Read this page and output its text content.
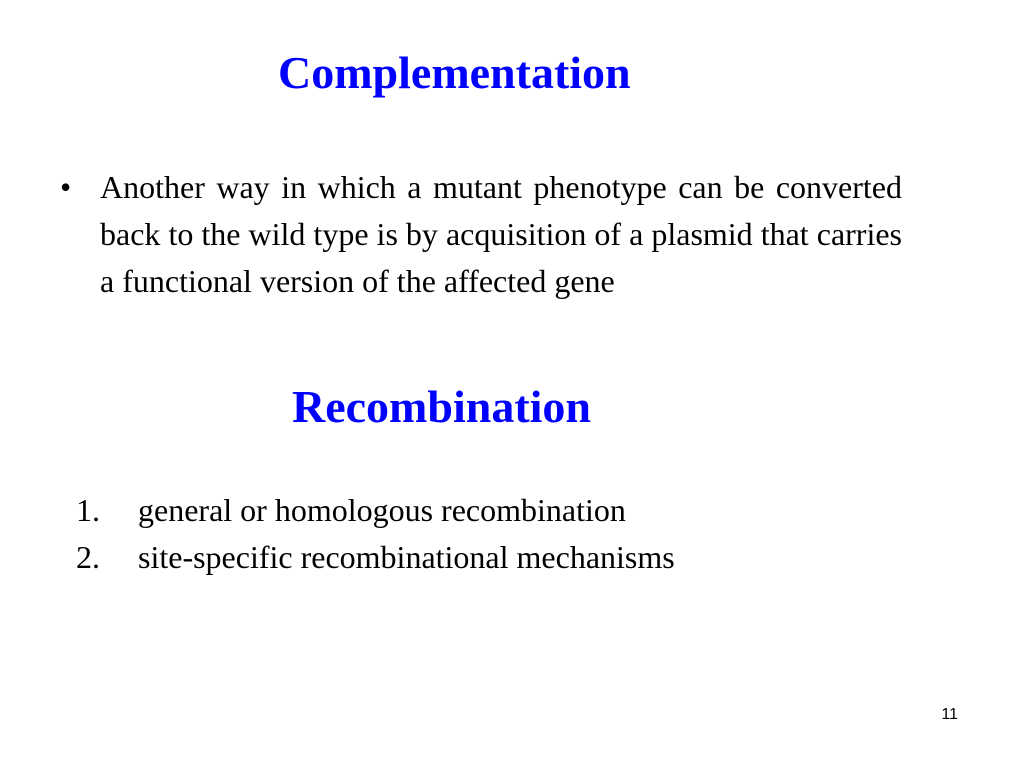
Complementation
• Another way in which a mutant phenotype can be converted back to the wild type is by acquisition of a plasmid that carries a functional version of the affected gene

Recombination
1.	general or homologous recombination
2.	site-specific recombinational mechanisms
11
